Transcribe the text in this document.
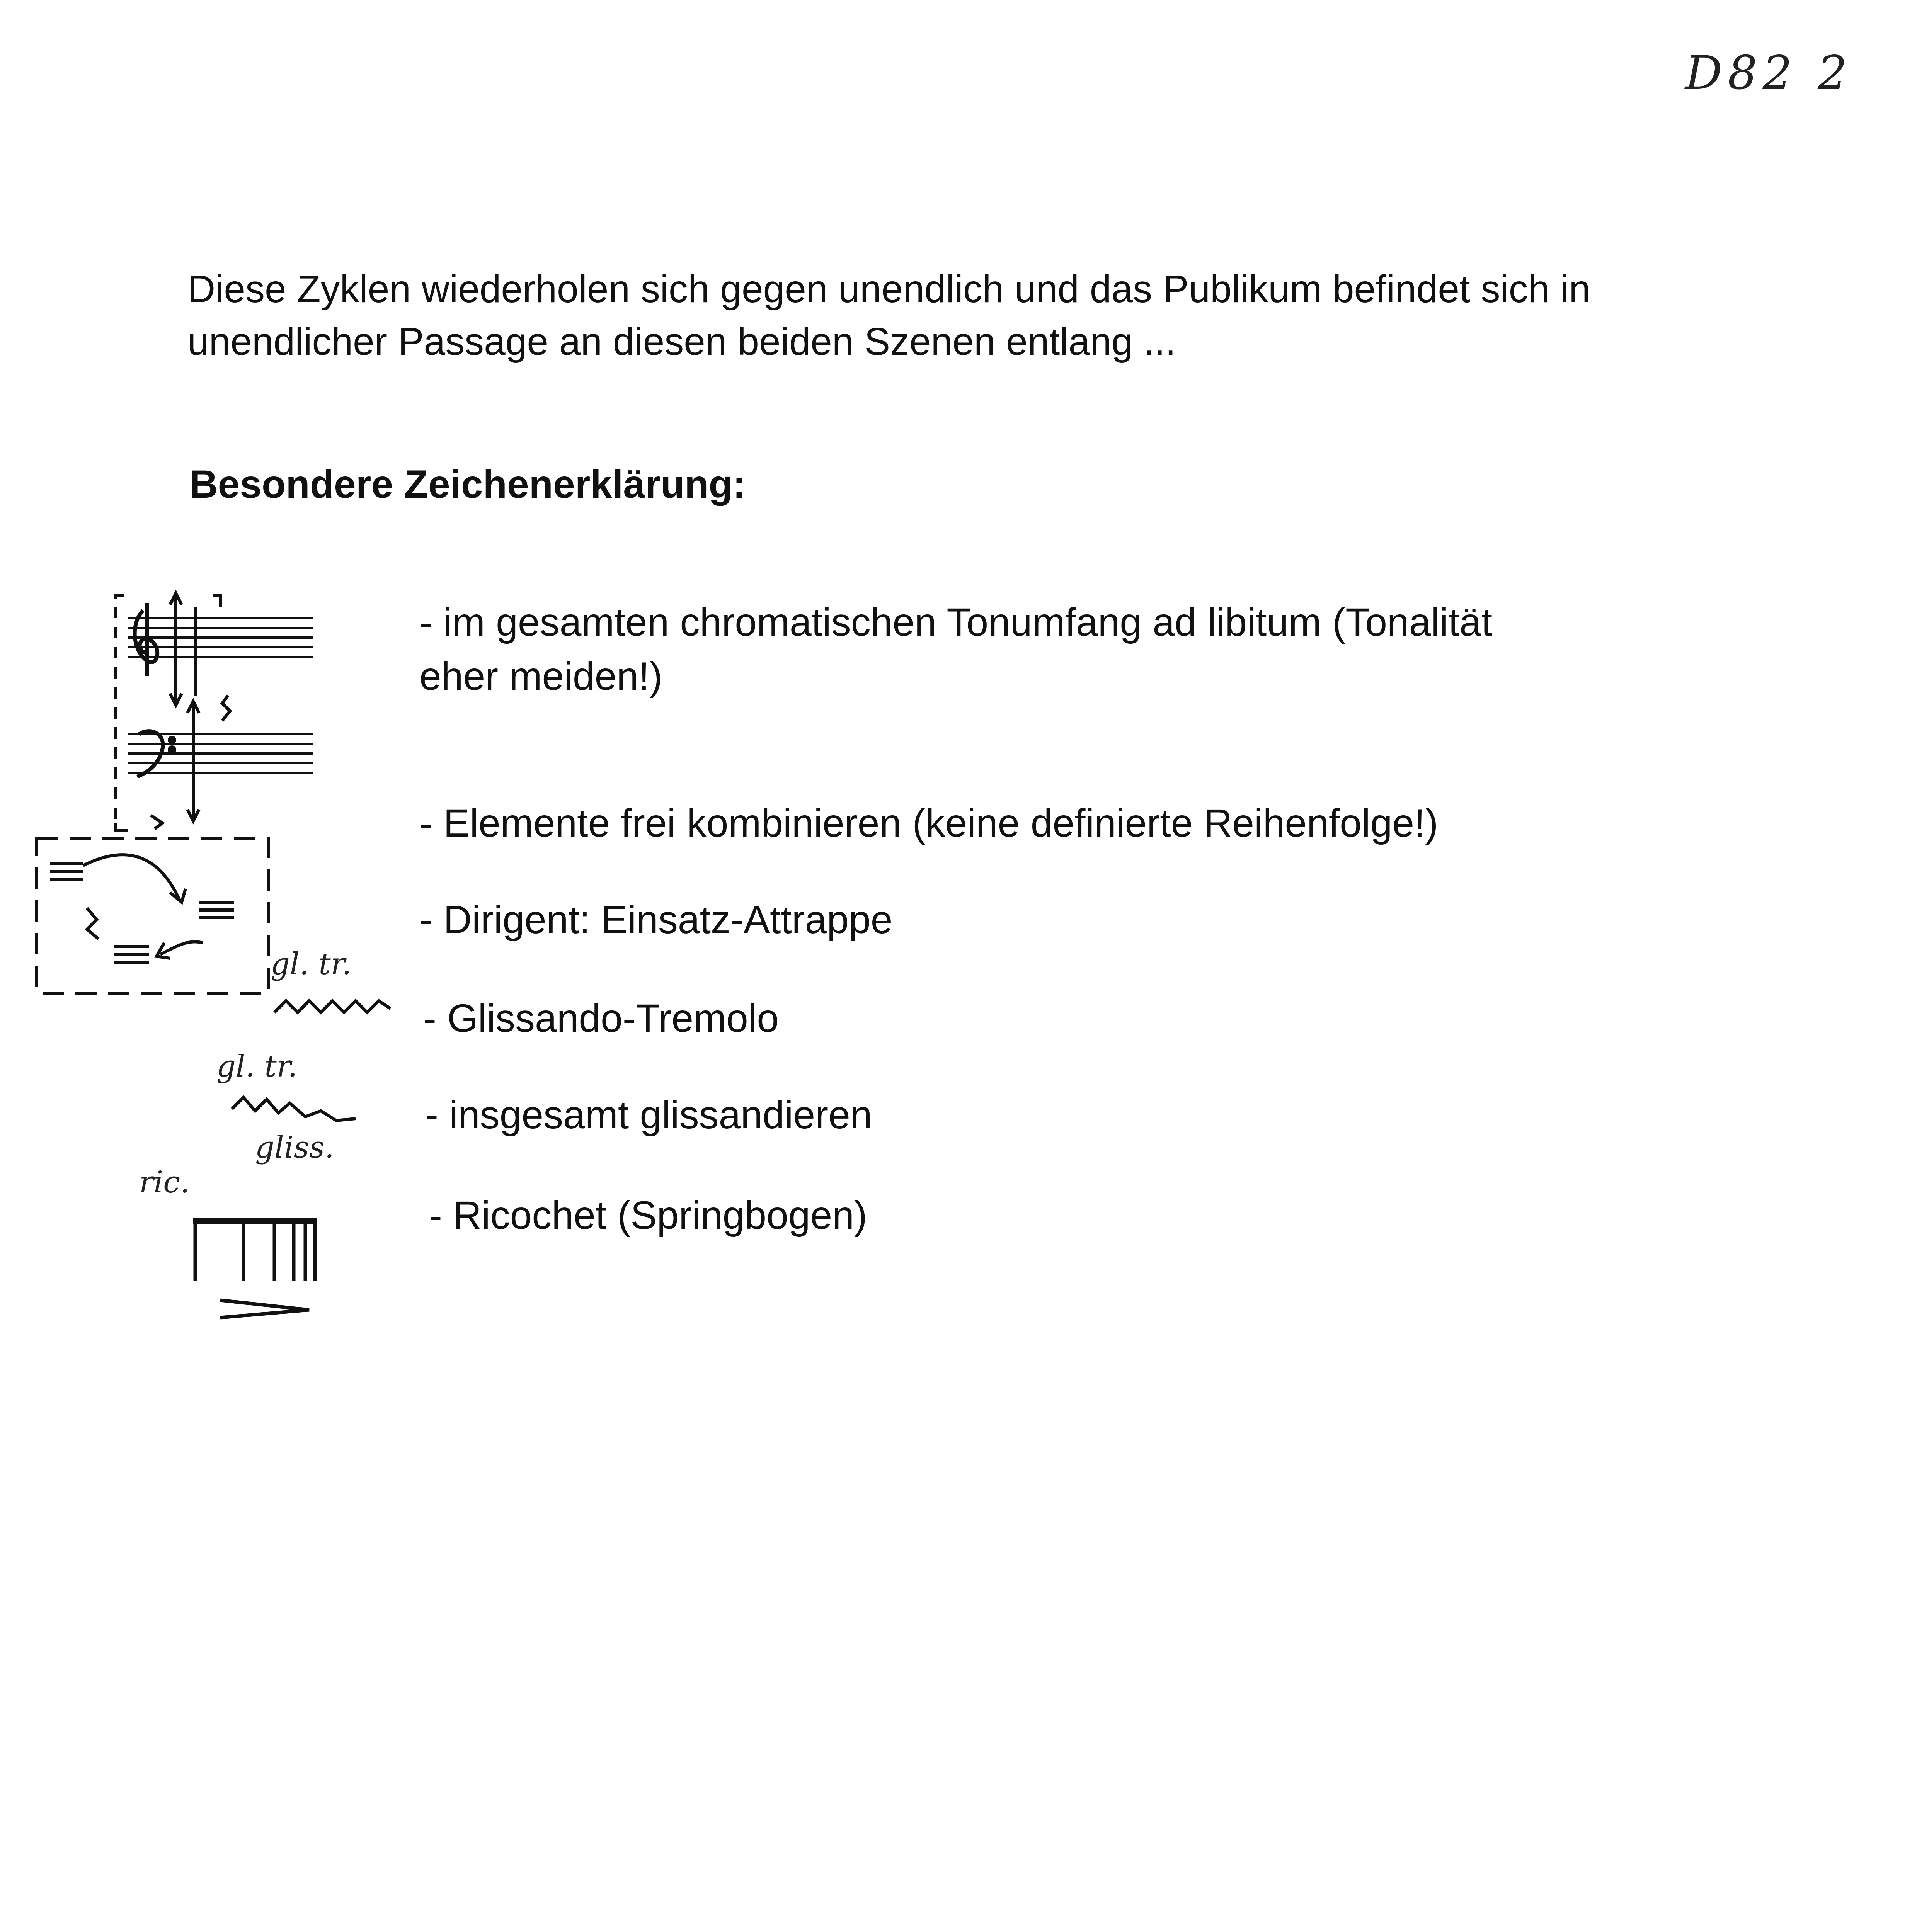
D82 2
Diese Zyklen wiederholen sich gegen unendlich und das Publikum befindet sich in unendlicher Passage an diesen beiden Szenen entlang ...
Besondere Zeichenerklärung:
- im gesamten chromatischen Tonumfang ad libitum (Tonalität
eher meiden!)
- Elemente frei kombinieren (keine definierte Reihenfolge!)
- Dirigent: Einsatz-Attrappe
- Glissando-Tremolo
- insgesamt glissandieren
- Ricochet (Springbogen)
gl. tr.
gl. tr.
gliss.
ric.
